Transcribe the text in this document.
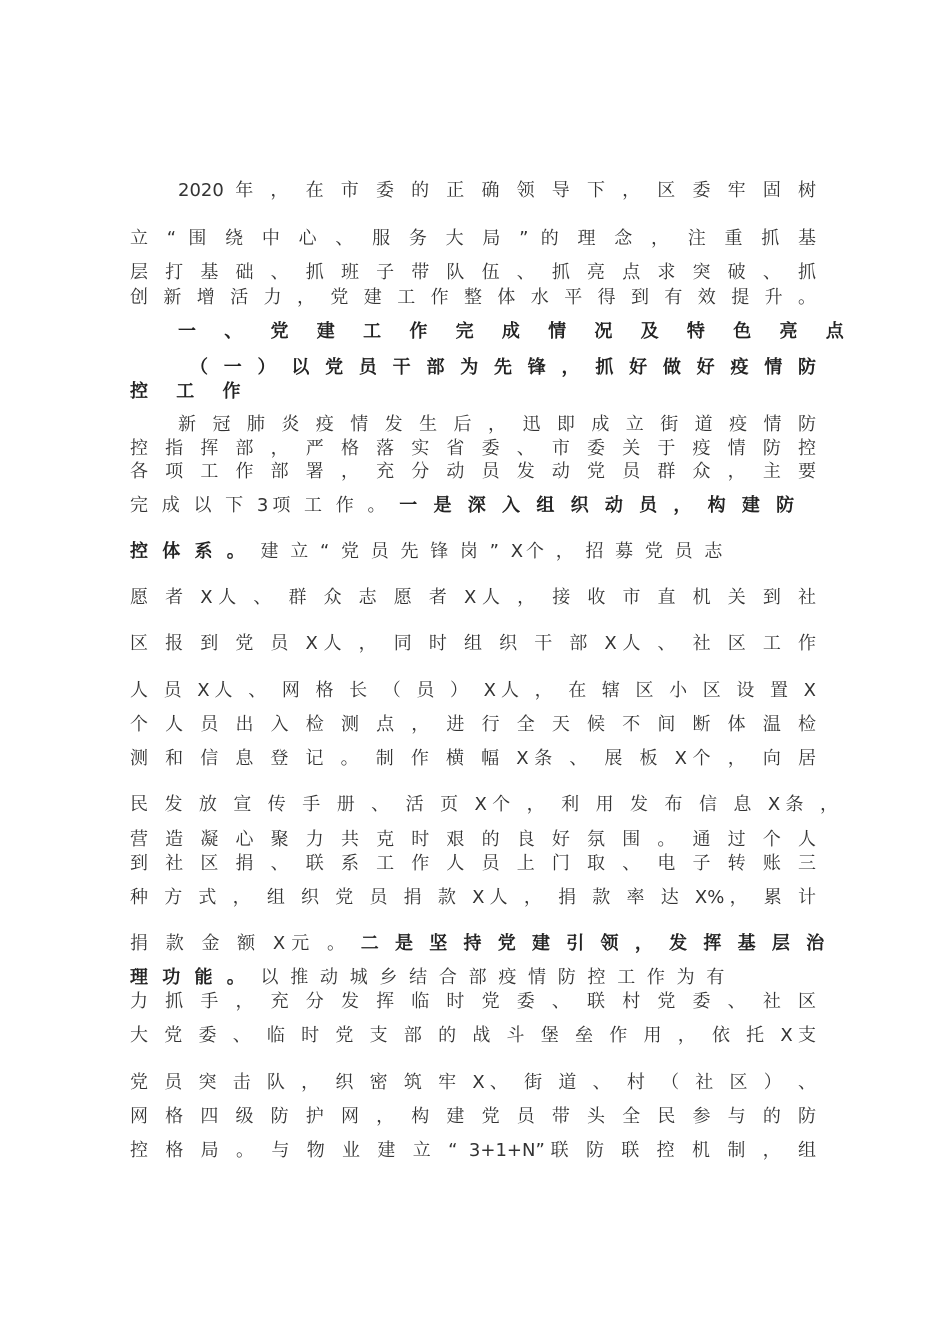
2020 年 ， 在 市 委 的 正 确 领 导 下 ， 区 委 牢 固 树
立 “ 围 绕 中 心 、 服 务 大 局 ” 的 理 念 ， 注 重 抓 基
层 打 基 础 、 抓 班 子 带 队 伍 、 抓 亮 点 求 突 破 、 抓
创 新 增 活 力 ， 党 建 工 作 整 体 水 平 得 到 有 效 提 升 。
一 、 党 建 工 作 完 成 情 况 及 特 色 亮 点
（ 一 ） 以 党 员 干 部 为 先 锋 ， 抓 好 做 好 疫 情 防
控 工 作
新 冠 肺 炎 疫 情 发 生 后 ， 迅 即 成 立 街 道 疫 情 防
控 指 挥 部 ， 严 格 落 实 省 委 、 市 委 关 于 疫 情 防 控
各 项 工 作 部 署 ， 充 分 动 员 发 动 党 员 群 众 ， 主 要
完 成 以 下 3项 工 作 。 一 是 深 入 组 织 动 员 ， 构 建 防
控 体 系 。 建 立 “ 党 员 先 锋 岗 ” X个 ， 招 募 党 员 志
愿 者 X人 、 群 众 志 愿 者 X人 ， 接 收 市 直 机 关 到 社
区 报 到 党 员 X人 ， 同 时 组 织 干 部 X人 、 社 区 工 作
人 员 X人 、 网 格 长 （ 员 ） X人 ， 在 辖 区 小 区 设 置 X
个 人 员 出 入 检 测 点 ， 进 行 全 天 候 不 间 断 体 温 检
测 和 信 息 登 记 。 制 作 横 幅 X条 、 展 板 X个 ， 向 居
民 发 放 宣 传 手 册 、 活 页 X个 ， 利 用 发 布 信 息 X条 ，
营 造 凝 心 聚 力 共 克 时 艰 的 良 好 氛 围 。 通 过 个 人
到 社 区 捐 、 联 系 工 作 人 员 上 门 取 、 电 子 转 账 三
种 方 式 ， 组 织 党 员 捐 款 X人 ， 捐 款 率 达 X%， 累 计
捐 款 金 额 X元 。 二 是 坚 持 党 建 引 领 ， 发 挥 基 层 治
理 功 能 。 以 推 动 城 乡 结 合 部 疫 情 防 控 工 作 为 有
力 抓 手 ， 充 分 发 挥 临 时 党 委 、 联 村 党 委 、 社 区
大 党 委 、 临 时 党 支 部 的 战 斗 堡 垒 作 用 ， 依 托 X支
党 员 突 击 队 ， 织 密 筑 牢 X、 街 道 、 村 （ 社 区 ） 、
网 格 四 级 防 护 网 ， 构 建 党 员 带 头 全 民 参 与 的 防
控 格 局 。 与 物 业 建 立 “ 3+1+N”联 防 联 控 机 制 ， 组
